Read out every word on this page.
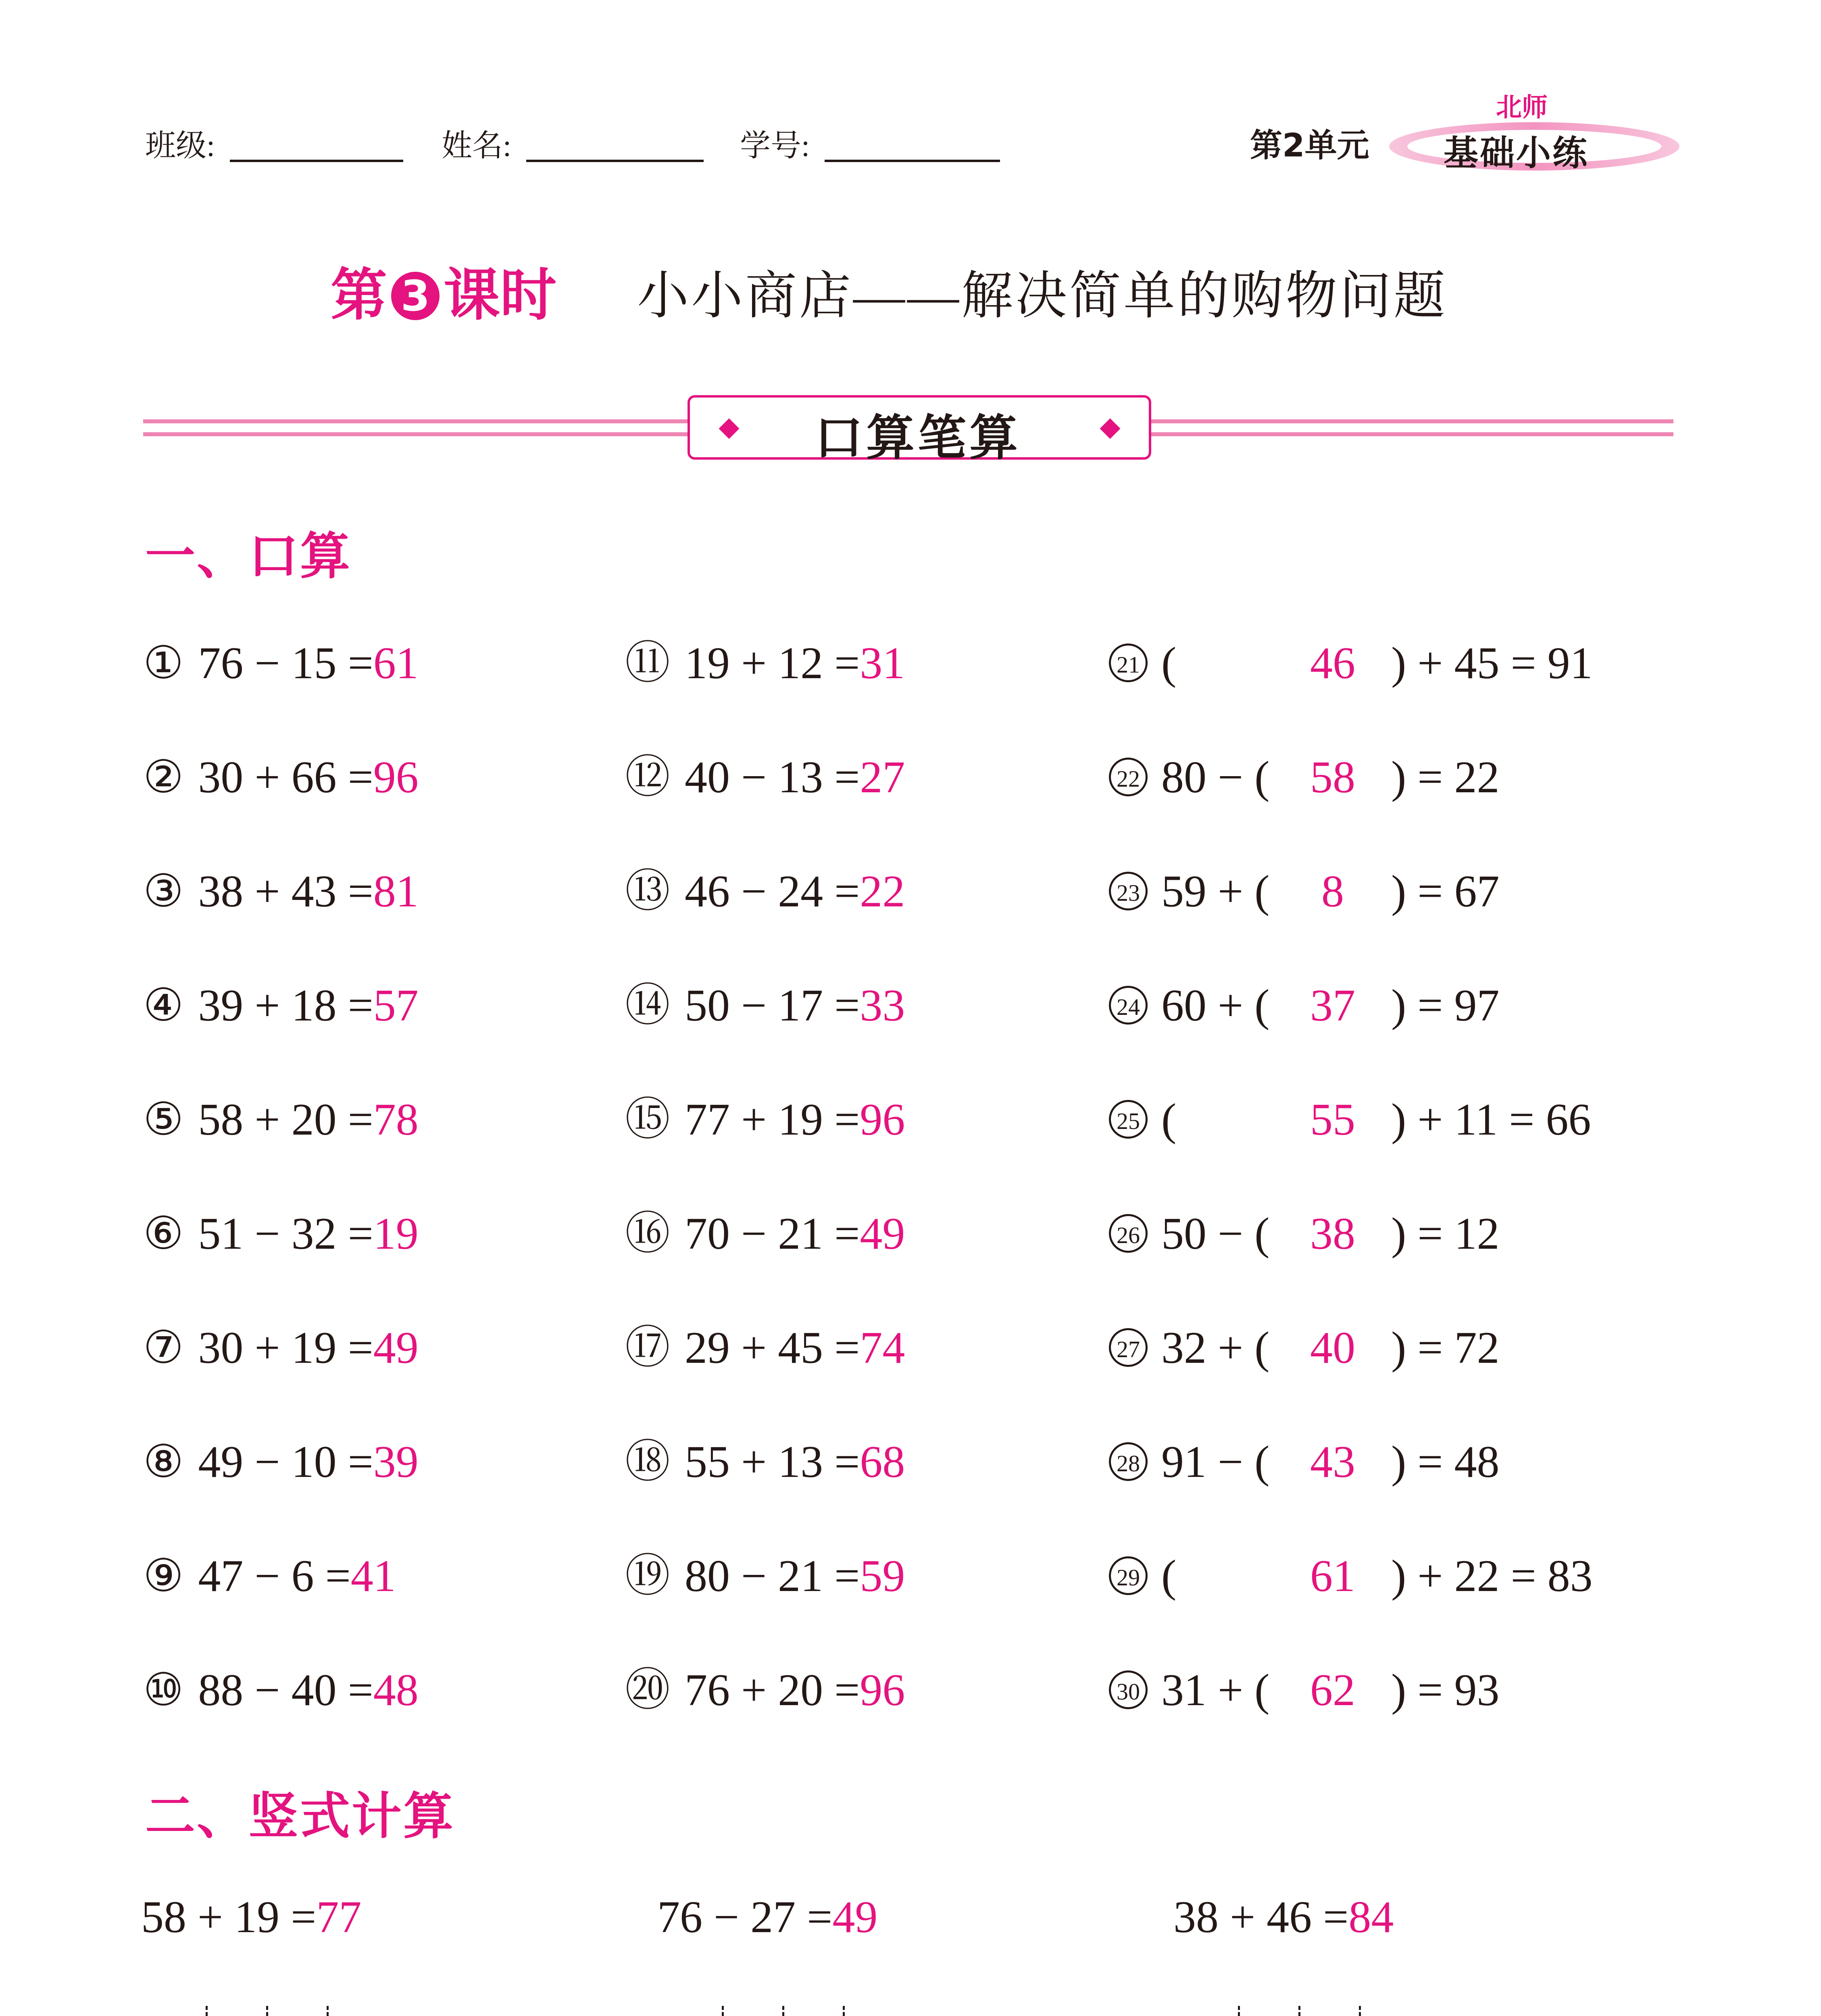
班级:	姓名:	学号:	第2单元
北师
基础小练
第 3 课时 小小商店——解决简单的购物问题
口算笔算
一、口算
① 76 − 15 =61
② 30 + 66 =96
③ 38 + 43 =81
④ 39 + 18 =57
⑤ 58 + 20 =78
⑥ 51 − 32 =19
⑦ 30 + 19 =49
⑧ 49 − 10 =39
⑨ 47 − 6 =41
⑩ 88 − 40 =48
⑪ 19 + 12 =31
⑫ 40 − 13 =27
⑬ 46 − 24 =22
⑭ 50 − 17 =33
⑮ 77 + 19 =96
⑯ 70 − 21 =49
⑰ 29 + 45 =74
⑱ 55 + 13 =68
⑲ 80 − 21 =59
⑳ 76 + 20 =96
21 (	46 ) + 45 = 91
22 80 − ( 58 ) = 22
23 59 + ( 8 ) = 67
24 60 + ( 37 ) = 97
25 (	55 ) + 11 = 66
26 50 − ( 38 ) = 12
27 32 + ( 40 ) = 72
28 91 − ( 43 ) = 48
29 (	61 ) + 22 = 83
30 31 + ( 62 ) = 93
二、竖式计算
58 + 19 =77	76 − 27 =49	38 + 46 =84
